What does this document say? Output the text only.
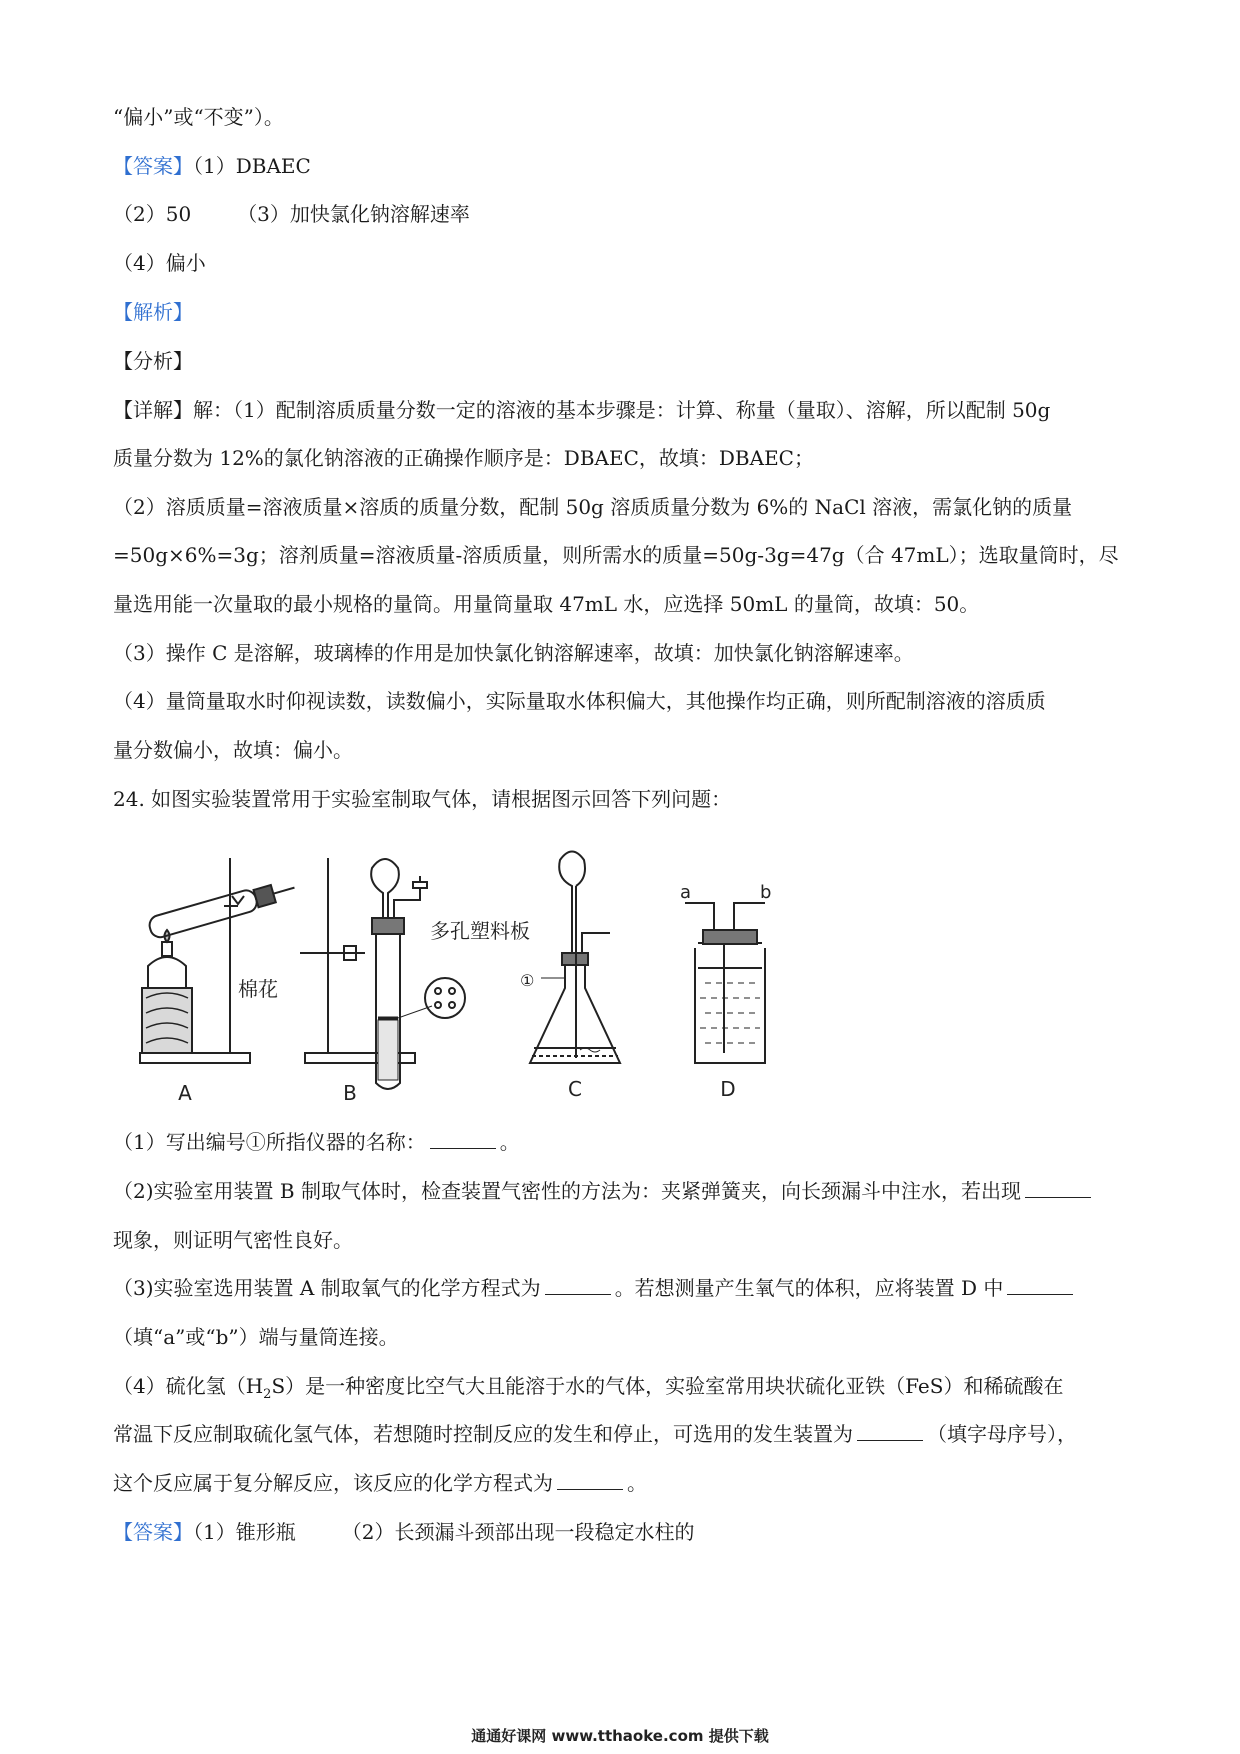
“偏小”或“不变”）。
【答案】（1）DBAEC
（2）50 （3）加快氯化钠溶解速率
（4）偏小
【解析】
【分析】
【详解】解：（1）配制溶质质量分数一定的溶液的基本步骤是：计算、称量（量取）、溶解，所以配制 50g
质量分数为 12%的氯化钠溶液的正确操作顺序是：DBAEC，故填：DBAEC；
（2）溶质质量=溶液质量×溶质的质量分数，配制 50g 溶质质量分数为 6%的 NaCl 溶液，需氯化钠的质量
=50g×6%=3g；溶剂质量=溶液质量-溶质质量，则所需水的质量=50g-3g=47g（合 47mL）；选取量筒时，尽
量选用能一次量取的最小规格的量筒。用量筒量取 47mL 水，应选择 50mL 的量筒，故填：50。
（3）操作 C 是溶解，玻璃棒的作用是加快氯化钠溶解速率，故填：加快氯化钠溶解速率。
（4）量筒量取水时仰视读数，读数偏小，实际量取水体积偏大，其他操作均正确，则所配制溶液的溶质质
量分数偏小，故填：偏小。
24. 如图实验装置常用于实验室制取气体，请根据图示回答下列问题：
A	B	C	D
棉花
多孔塑料板
①
a	b
（1）写出编号①所指仪器的名称：	。
（2)实验室用装置 B 制取气体时，检查装置气密性的方法为：夹紧弹簧夹，向长颈漏斗中注水，若出现
现象，则证明气密性良好。
（3)实验室选用装置 A 制取氧气的化学方程式为	。若想测量产生氧气的体积，应将装置 D 中
（填“a”或“b”）端与量筒连接。
（4）硫化氢$(H_2S)$是一种密度比空气大且能溶于水的气体，实验室常用块状硫化亚铁（FeS）和稀硫酸在
常温下反应制取硫化氢气体，若想随时控制反应的发生和停止，可选用的发生装置为	（填字母序号），
这个反应属于复分解反应，该反应的化学方程式为	。
【答案】（1）锥形瓶 （2）长颈漏斗颈部出现一段稳定水柱的
通通好课网 www.tthaoke.com 提供下载
